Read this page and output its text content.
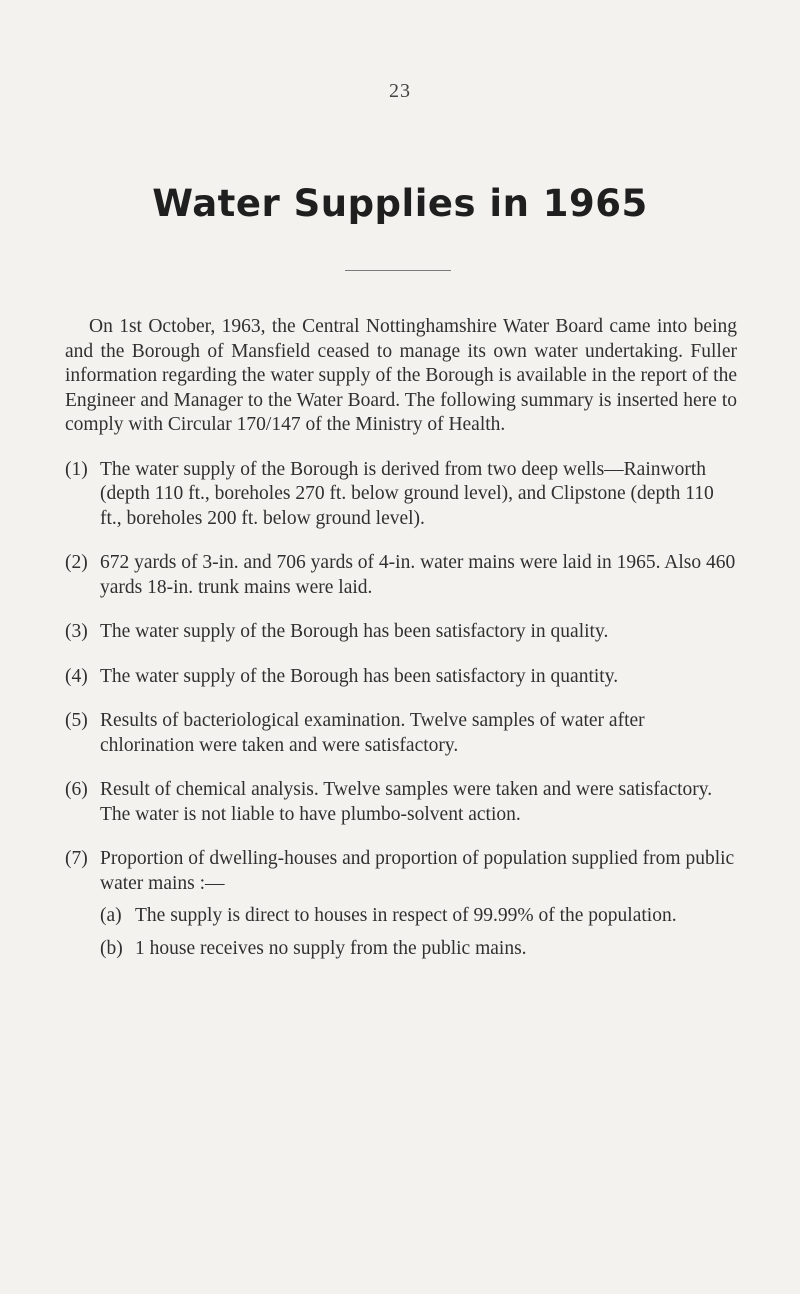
23
Water Supplies in 1965

On 1st October, 1963, the Central Nottinghamshire Water Board came into being and the Borough of Mansfield ceased to manage its own water undertaking. Fuller information regarding the water supply of the Borough is available in the report of the Engineer and Manager to the Water Board. The following summary is inserted here to comply with Circular 170/147 of the Ministry of Health.

(1) The water supply of the Borough is derived from two deep wells—Rainworth (depth 110 ft., boreholes 270 ft. below ground level), and Clipstone (depth 110 ft., boreholes 200 ft. below ground level).
(2) 672 yards of 3-in. and 706 yards of 4-in. water mains were laid in 1965. Also 460 yards 18-in. trunk mains were laid.
(3) The water supply of the Borough has been satisfactory in quality.
(4) The water supply of the Borough has been satisfactory in quantity.
(5) Results of bacteriological examination. Twelve samples of water after chlorination were taken and were satisfactory.
(6) Result of chemical analysis. Twelve samples were taken and were satisfactory. The water is not liable to have plumbo-solvent action.
(7) Proportion of dwelling-houses and proportion of population supplied from public water mains :—
(a) The supply is direct to houses in respect of 99.99% of the population.
(b) 1 house receives no supply from the public mains.
